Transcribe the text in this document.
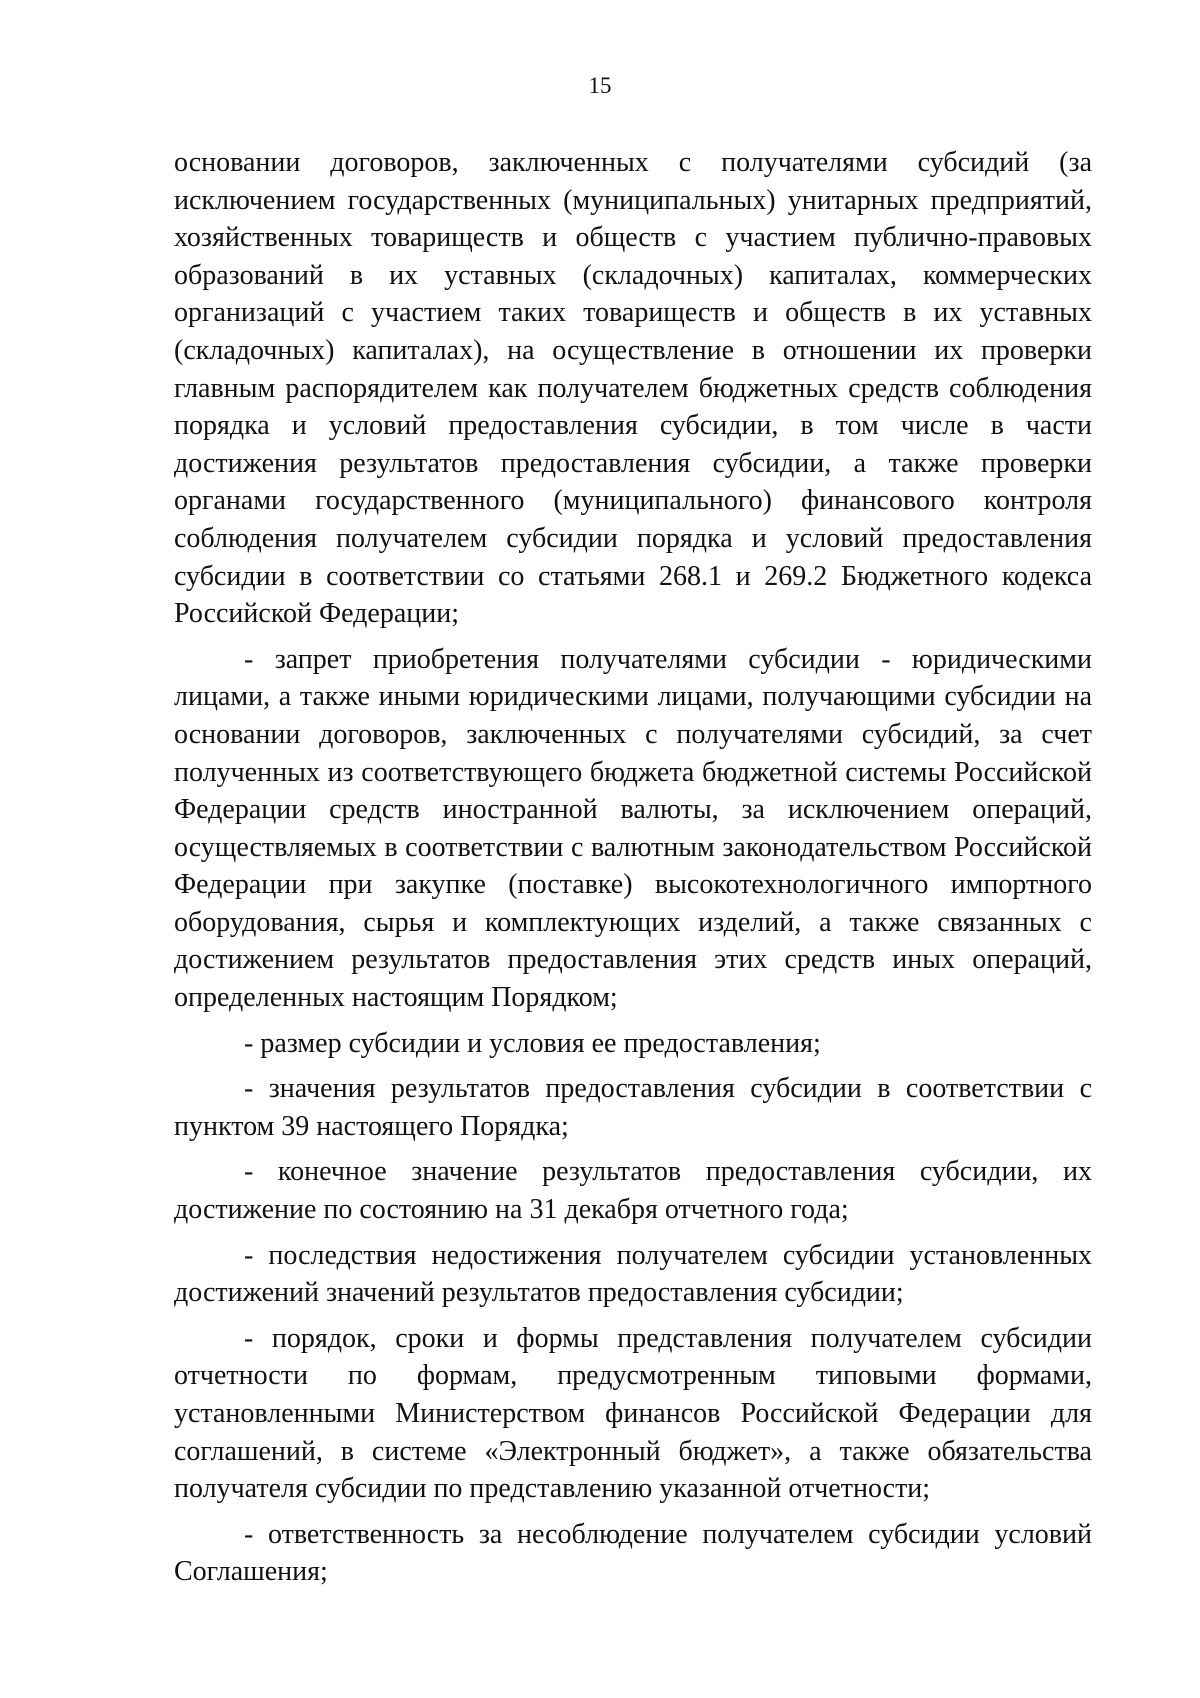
15

основании договоров, заключенных с получателями субсидий (за исключением государственных (муниципальных) унитарных предприятий, хозяйственных товариществ и обществ с участием публично-правовых образований в их уставных (складочных) капиталах, коммерческих организаций с участием таких товариществ и обществ в их уставных (складочных) капиталах), на осуществление в отношении их проверки главным распорядителем как получателем бюджетных средств соблюдения порядка и условий предоставления субсидии, в том числе в части достижения результатов предоставления субсидии, а также проверки органами государственного (муниципального) финансового контроля соблюдения получателем субсидии порядка и условий предоставления субсидии в соответствии со статьями 268.1 и 269.2 Бюджетного кодекса Российской Федерации;

- запрет приобретения получателями субсидии - юридическими лицами, а также иными юридическими лицами, получающими субсидии на основании договоров, заключенных с получателями субсидий, за счет полученных из соответствующего бюджета бюджетной системы Российской Федерации средств иностранной валюты, за исключением операций, осуществляемых в соответствии с валютным законодательством Российской Федерации при закупке (поставке) высокотехнологичного импортного оборудования, сырья и комплектующих изделий, а также связанных с достижением результатов предоставления этих средств иных операций, определенных настоящим Порядком;

- размер субсидии и условия ее предоставления;

- значения результатов предоставления субсидии в соответствии с пунктом 39 настоящего Порядка;

- конечное значение результатов предоставления субсидии, их достижение по состоянию на 31 декабря отчетного года;

- последствия недостижения получателем субсидии установленных достижений значений результатов предоставления субсидии;

- порядок, сроки и формы представления получателем субсидии отчетности по формам, предусмотренным типовыми формами, установленными Министерством финансов Российской Федерации для соглашений, в системе «Электронный бюджет», а также обязательства получателя субсидии по представлению указанной отчетности;

- ответственность за несоблюдение получателем субсидии условий Соглашения;
